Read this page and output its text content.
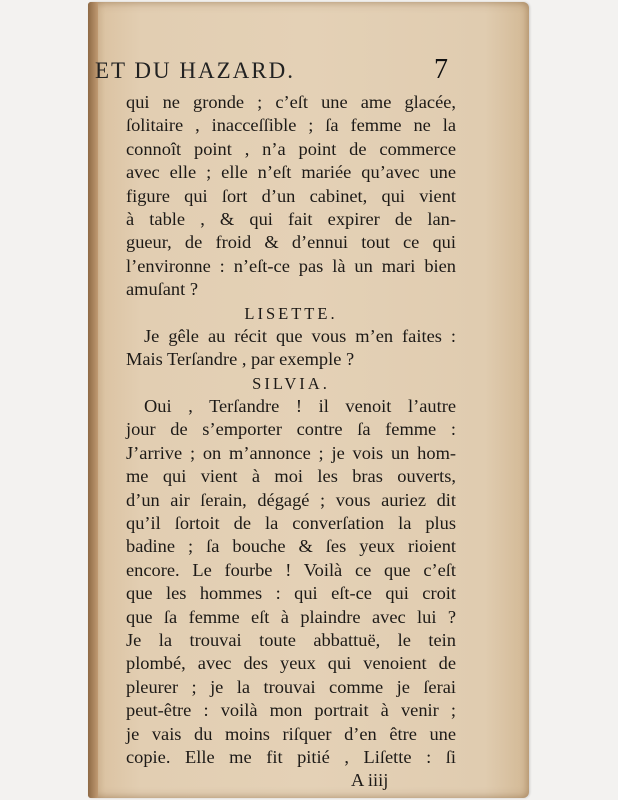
ET DU HAZARD.	7
qui ne gronde ; c’eſt une ame glacée,
ſolitaire , inacceſſible ; ſa femme ne la
connoît point , n’a point de commerce
avec elle ; elle n’eſt mariée qu’avec une
figure qui ſort d’un cabinet, qui vient
à table , & qui fait expirer de lan-
gueur, de froid & d’ennui tout ce qui
l’environne : n’eſt-ce pas là un mari bien
amuſant ?
LISETTE.
Je gêle au récit que vous m’en faites :
Mais Terſandre , par exemple ?
SILVIA.
Oui , Terſandre ! il venoit l’autre
jour de s’emporter contre ſa femme :
J’arrive ; on m’annonce ; je vois un hom-
me qui vient à moi les bras ouverts,
d’un air ſerain, dégagé ; vous auriez dit
qu’il ſortoit de la converſation la plus
badine ; ſa bouche & ſes yeux rioient
encore. Le fourbe ! Voilà ce que c’eſt
que les hommes : qui eſt-ce qui croit
que ſa femme eſt à plaindre avec lui ?
Je la trouvai toute abbattuë, le tein
plombé, avec des yeux qui venoient de
pleurer ; je la trouvai comme je ſerai
peut-être : voilà mon portrait à venir ;
je vais du moins riſquer d’en être une
copie. Elle me fit pitié , Liſette : ſi
A iiij
